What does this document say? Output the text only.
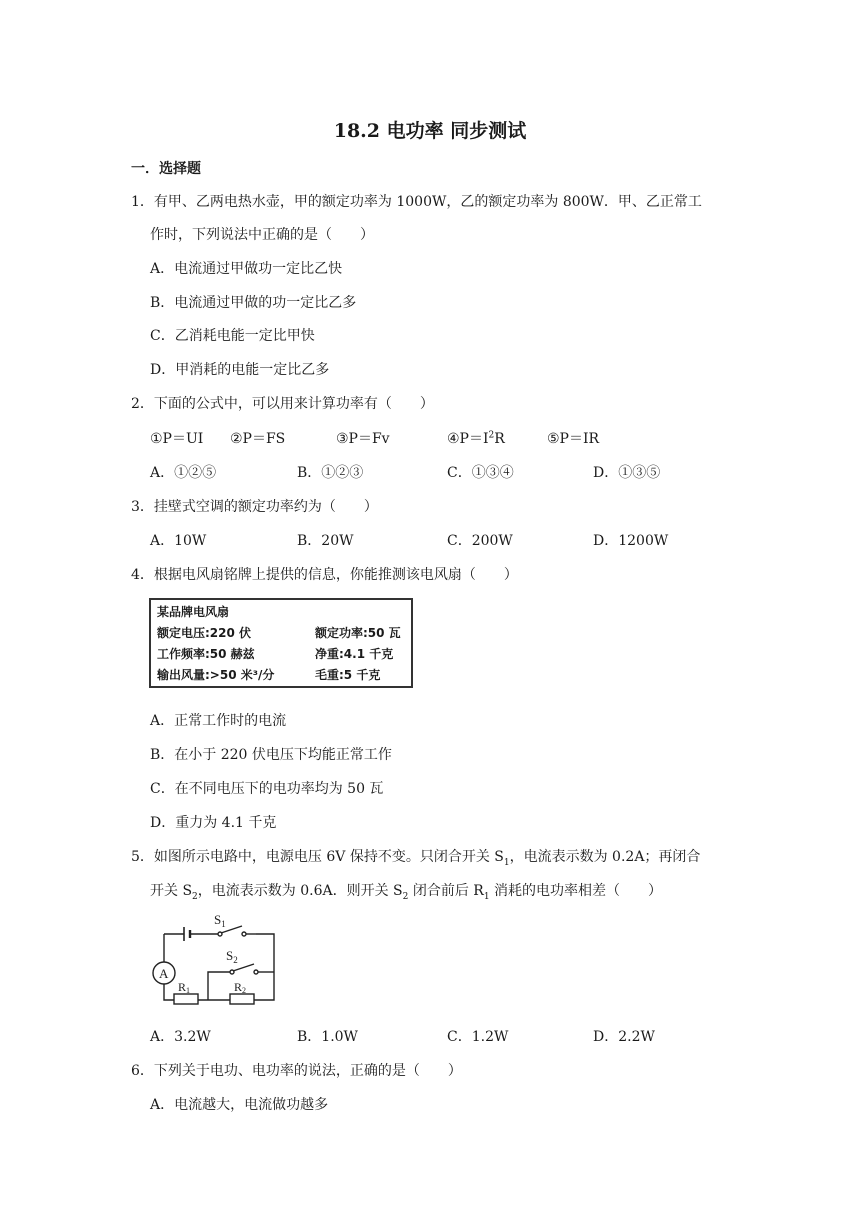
18.2 电功率 同步测试
一．选择题
1．有甲、乙两电热水壶，甲的额定功率为 1000W，乙的额定功率为 800W．甲、乙正常工
作时，下列说法中正确的是（　　）
A．电流通过甲做功一定比乙快
B．电流通过甲做的功一定比乙多
C．乙消耗电能一定比甲快
D．甲消耗的电能一定比乙多
2．下面的公式中，可以用来计算功率有（　　）
①P＝UI ②P＝FS	③P＝Fv	$④P=I^2R$	⑤P＝IR
A．①②⑤	B．①②③	C．①③④	D．①③⑤
3．挂壁式空调的额定功率约为（　　）
A．10W	B．20W	C．200W	D．1200W
4．根据电风扇铭牌上提供的信息，你能推测该电风扇（　　）
某品牌电风扇
额定电压:220 伏	额定功率:50 瓦
工作频率:50 赫兹	净重:4.1 千克
输出风量:>50 米³/分	毛重:5 千克
A．正常工作时的电流
B．在小于 220 伏电压下均能正常工作
C．在不同电压下的电功率均为 50 瓦
D．重力为 4.1 千克
5．如图所示电路中，电源电压 6V 保持不变。只闭合开关 $S_1$，电流表示数为 0.2A；再闭合
开关 $S_2$，电流表示数为 0.6A．则开关 $S_2$ 闭合前后 $R_1$ 消耗的电功率相差（　　）
$S_1$
$S_2$
A
R1	R2
A．3.2W	B．1.0W	C．1.2W	D．2.2W
6．下列关于电功、电功率的说法，正确的是（　　）
A．电流越大，电流做功越多
